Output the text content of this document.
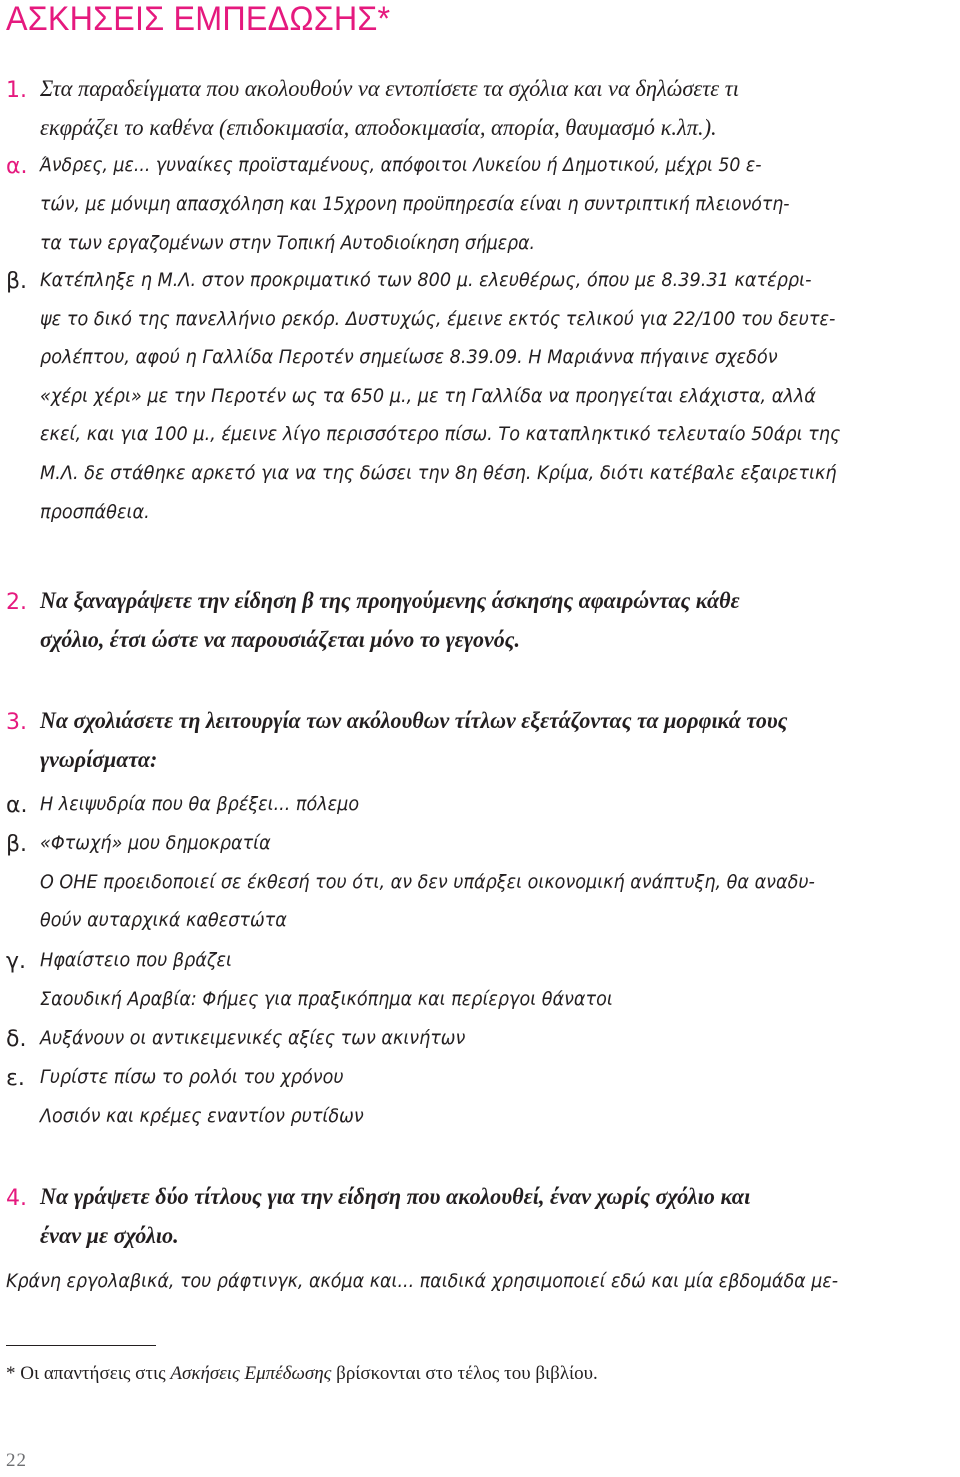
ΑΣΚΗΣΕΙΣ ΕΜΠΕΔΩΣΗΣ*
1. Στα παραδείγματα που ακολουθούν να εντοπίσετε τα σχόλια και να δηλώσετε τι
εκφράζει το καθένα (επιδοκιμασία, αποδοκιμασία, απορία, θαυμασμό κ.λπ.).
α. Άνδρες, με... γυναίκες προϊσταμένους, απόφοιτοι Λυκείου ή Δημοτικού, μέχρι 50 ε-
τών, με μόνιμη απασχόληση και 15χρονη προϋπηρεσία είναι η συντριπτική πλειονότη-
τα των εργαζομένων στην Τοπική Αυτοδιοίκηση σήμερα.
β. Κατέπληξε η Μ.Λ. στον προκριματικό των 800 μ. ελευθέρως, όπου με 8.39.31 κατέρρι-
ψε το δικό της πανελλήνιο ρεκόρ. Δυστυχώς, έμεινε εκτός τελικού για 22/100 του δευτε-
ρολέπτου, αφού η Γαλλίδα Περοτέν σημείωσε 8.39.09. Η Μαριάννα πήγαινε σχεδόν
«χέρι χέρι» με την Περοτέν ως τα 650 μ., με τη Γαλλίδα να προηγείται ελάχιστα, αλλά
εκεί, και για 100 μ., έμεινε λίγο περισσότερο πίσω. Το καταπληκτικό τελευταίο 50άρι της
Μ.Λ. δε στάθηκε αρκετό για να της δώσει την 8η θέση. Κρίμα, διότι κατέβαλε εξαιρετική
προσπάθεια.
2. Να ξαναγράψετε την είδηση β της προηγούμενης άσκησης αφαιρώντας κάθε
σχόλιο, έτσι ώστε να παρουσιάζεται μόνο το γεγονός.
3. Να σχολιάσετε τη λειτουργία των ακόλουθων τίτλων εξετάζοντας τα μορφικά τους
γνωρίσματα:
α. Η λειψυδρία που θα βρέξει... πόλεμο
β. «Φτωχή» μου δημοκρατία
Ο ΟΗΕ προειδοποιεί σε έκθεσή του ότι, αν δεν υπάρξει οικονομική ανάπτυξη, θα αναδυ-
θούν αυταρχικά καθεστώτα
γ. Ηφαίστειο που βράζει
Σαουδική Αραβία: Φήμες για πραξικόπημα και περίεργοι θάνατοι
δ. Αυξάνουν οι αντικειμενικές αξίες των ακινήτων
ε. Γυρίστε πίσω το ρολόι του χρόνου
Λοσιόν και κρέμες εναντίον ρυτίδων
4. Να γράψετε δύο τίτλους για την είδηση που ακολουθεί, έναν χωρίς σχόλιο και
έναν με σχόλιο.
Κράνη εργολαβικά, του ράφτινγκ, ακόμα και... παιδικά χρησιμοποιεί εδώ και μία εβδομάδα με-

* Οι απαντήσεις στις Ασκήσεις Εμπέδωσης βρίσκονται στο τέλος του βιβλίου.

22
